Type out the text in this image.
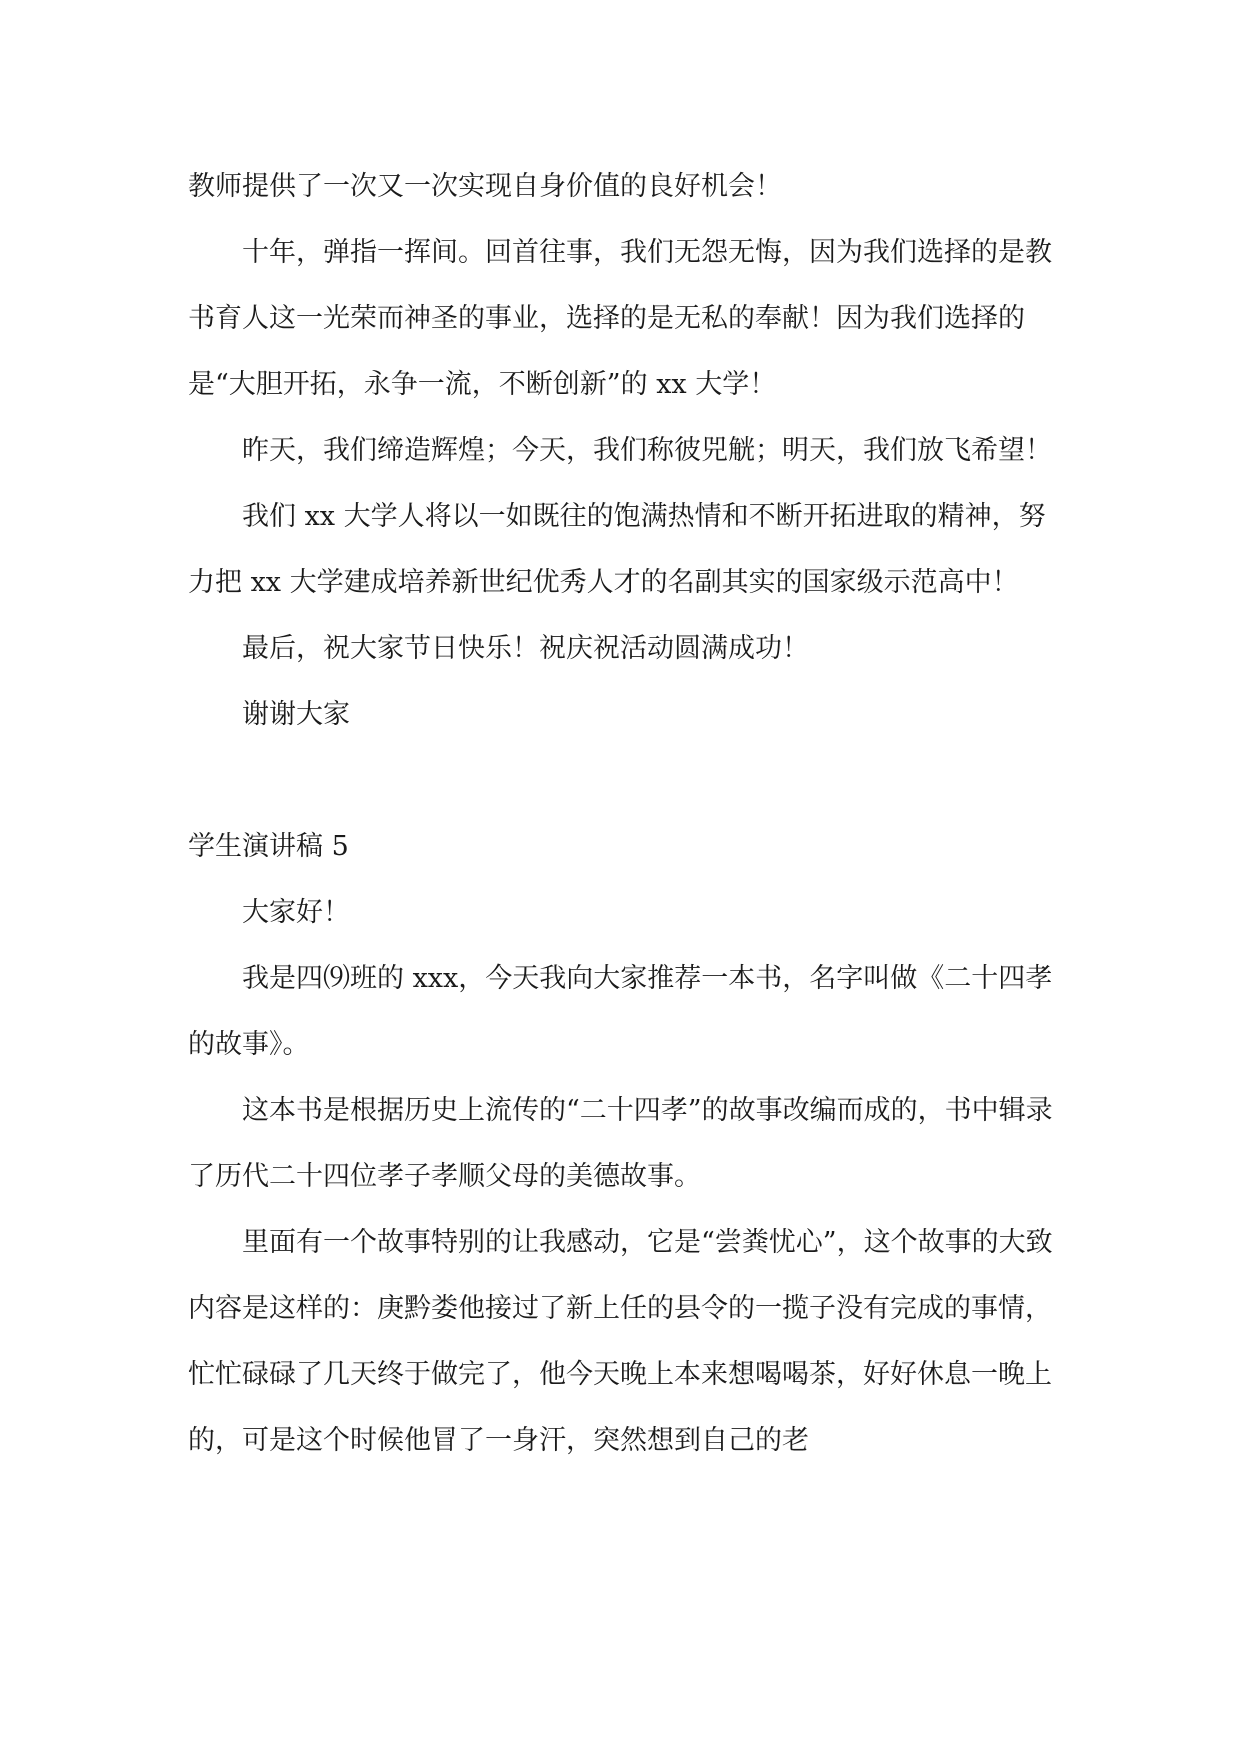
教师提供了一次又一次实现自身价值的良好机会！

十年，弹指一挥间。回首往事，我们无怨无悔，因为我们选择的是教书育人这一光荣而神圣的事业，选择的是无私的奉献！因为我们选择的是“大胆开拓，永争一流，不断创新”的 xx 大学！

昨天，我们缔造辉煌；今天，我们称彼兕觥；明天，我们放飞希望！

我们 xx 大学人将以一如既往的饱满热情和不断开拓进取的精神，努力把 xx 大学建成培养新世纪优秀人才的名副其实的国家级示范高中！

最后，祝大家节日快乐！祝庆祝活动圆满成功！

谢谢大家

学生演讲稿 5

大家好！

我是四⑼班的 xxx，今天我向大家推荐一本书，名字叫做《二十四孝的故事》。

这本书是根据历史上流传的“二十四孝”的故事改编而成的，书中辑录了历代二十四位孝子孝顺父母的美德故事。

里面有一个故事特别的让我感动，它是“尝粪忧心”，这个故事的大致内容是这样的：庚黔娄他接过了新上任的县令的一揽子没有完成的事情，忙忙碌碌了几天终于做完了，他今天晚上本来想喝喝茶，好好休息一晚上的，可是这个时候他冒了一身汗，突然想到自己的老
